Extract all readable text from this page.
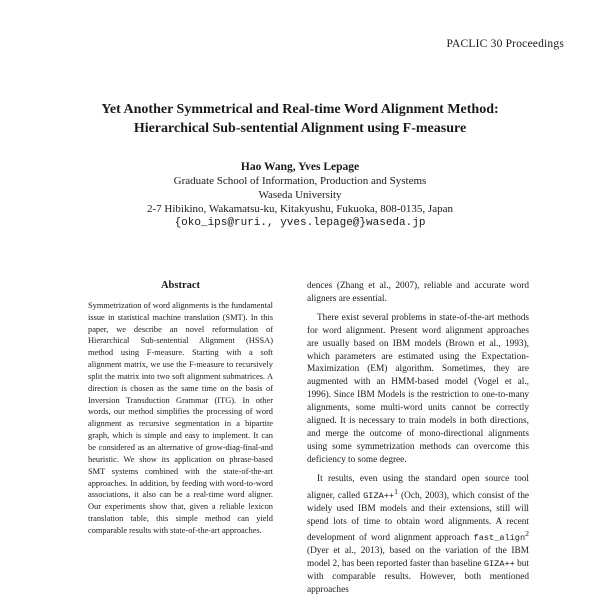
PACLIC 30 Proceedings
Yet Another Symmetrical and Real-time Word Alignment Method:
Hierarchical Sub-sentential Alignment using F-measure
Hao Wang, Yves Lepage
Graduate School of Information, Production and Systems
Waseda University
2-7 Hibikino, Wakamatsu-ku, Kitakyushu, Fukuoka, 808-0135, Japan
{oko_ips@ruri., yves.lepage@}waseda.jp
Abstract
Symmetrization of word alignments is the fundamental issue in statistical machine translation (SMT). In this paper, we describe an novel reformulation of Hierarchical Sub-sentential Alignment (HSSA) method using F-measure. Starting with a soft alignment matrix, we use the F-measure to recursively split the matrix into two soft alignment submatrices. A direction is chosen as the same time on the basis of Inversion Transduction Grammar (ITG). In other words, our method simplifies the processing of word alignment as recursive segmentation in a bipartite graph, which is simple and easy to implement. It can be considered as an alternative of grow-diag-final-and heuristic. We show its application on phrase-based SMT systems combined with the state-of-the-art approaches. In addition, by feeding with word-to-word associations, it also can be a real-time word aligner. Our experiments show that, given a reliable lexicon translation table, this simple method can yield comparable results with state-of-the-art approaches.

dences (Zhang et al., 2007), reliable and accurate word aligners are essential.

There exist several problems in state-of-the-art methods for word alignment. Present word alignment approaches are usually based on IBM models (Brown et al., 1993), which parameters are estimated using the Expectation-Maximization (EM) algorithm. Sometimes, they are augmented with an HMM-based model (Vogel et al., 1996). Since IBM Models is the restriction to one-to-many alignments, some multi-word units cannot be correctly aligned. It is necessary to train models in both directions, and merge the outcome of mono-directional alignments using some symmetrization methods can overcome this deficiency to some degree.

It results, even using the standard open source tool aligner, called GIZA++$^1$ (Och, 2003), which consist of the widely used IBM models and their extensions, still will spend lots of time to obtain word alignments. A recent development of word alignment approach fast_align$^2$ (Dyer et al., 2013), based on the variation of the IBM model 2, has been reported faster than baseline GIZA++ but with comparable results. However, both mentioned approaches
